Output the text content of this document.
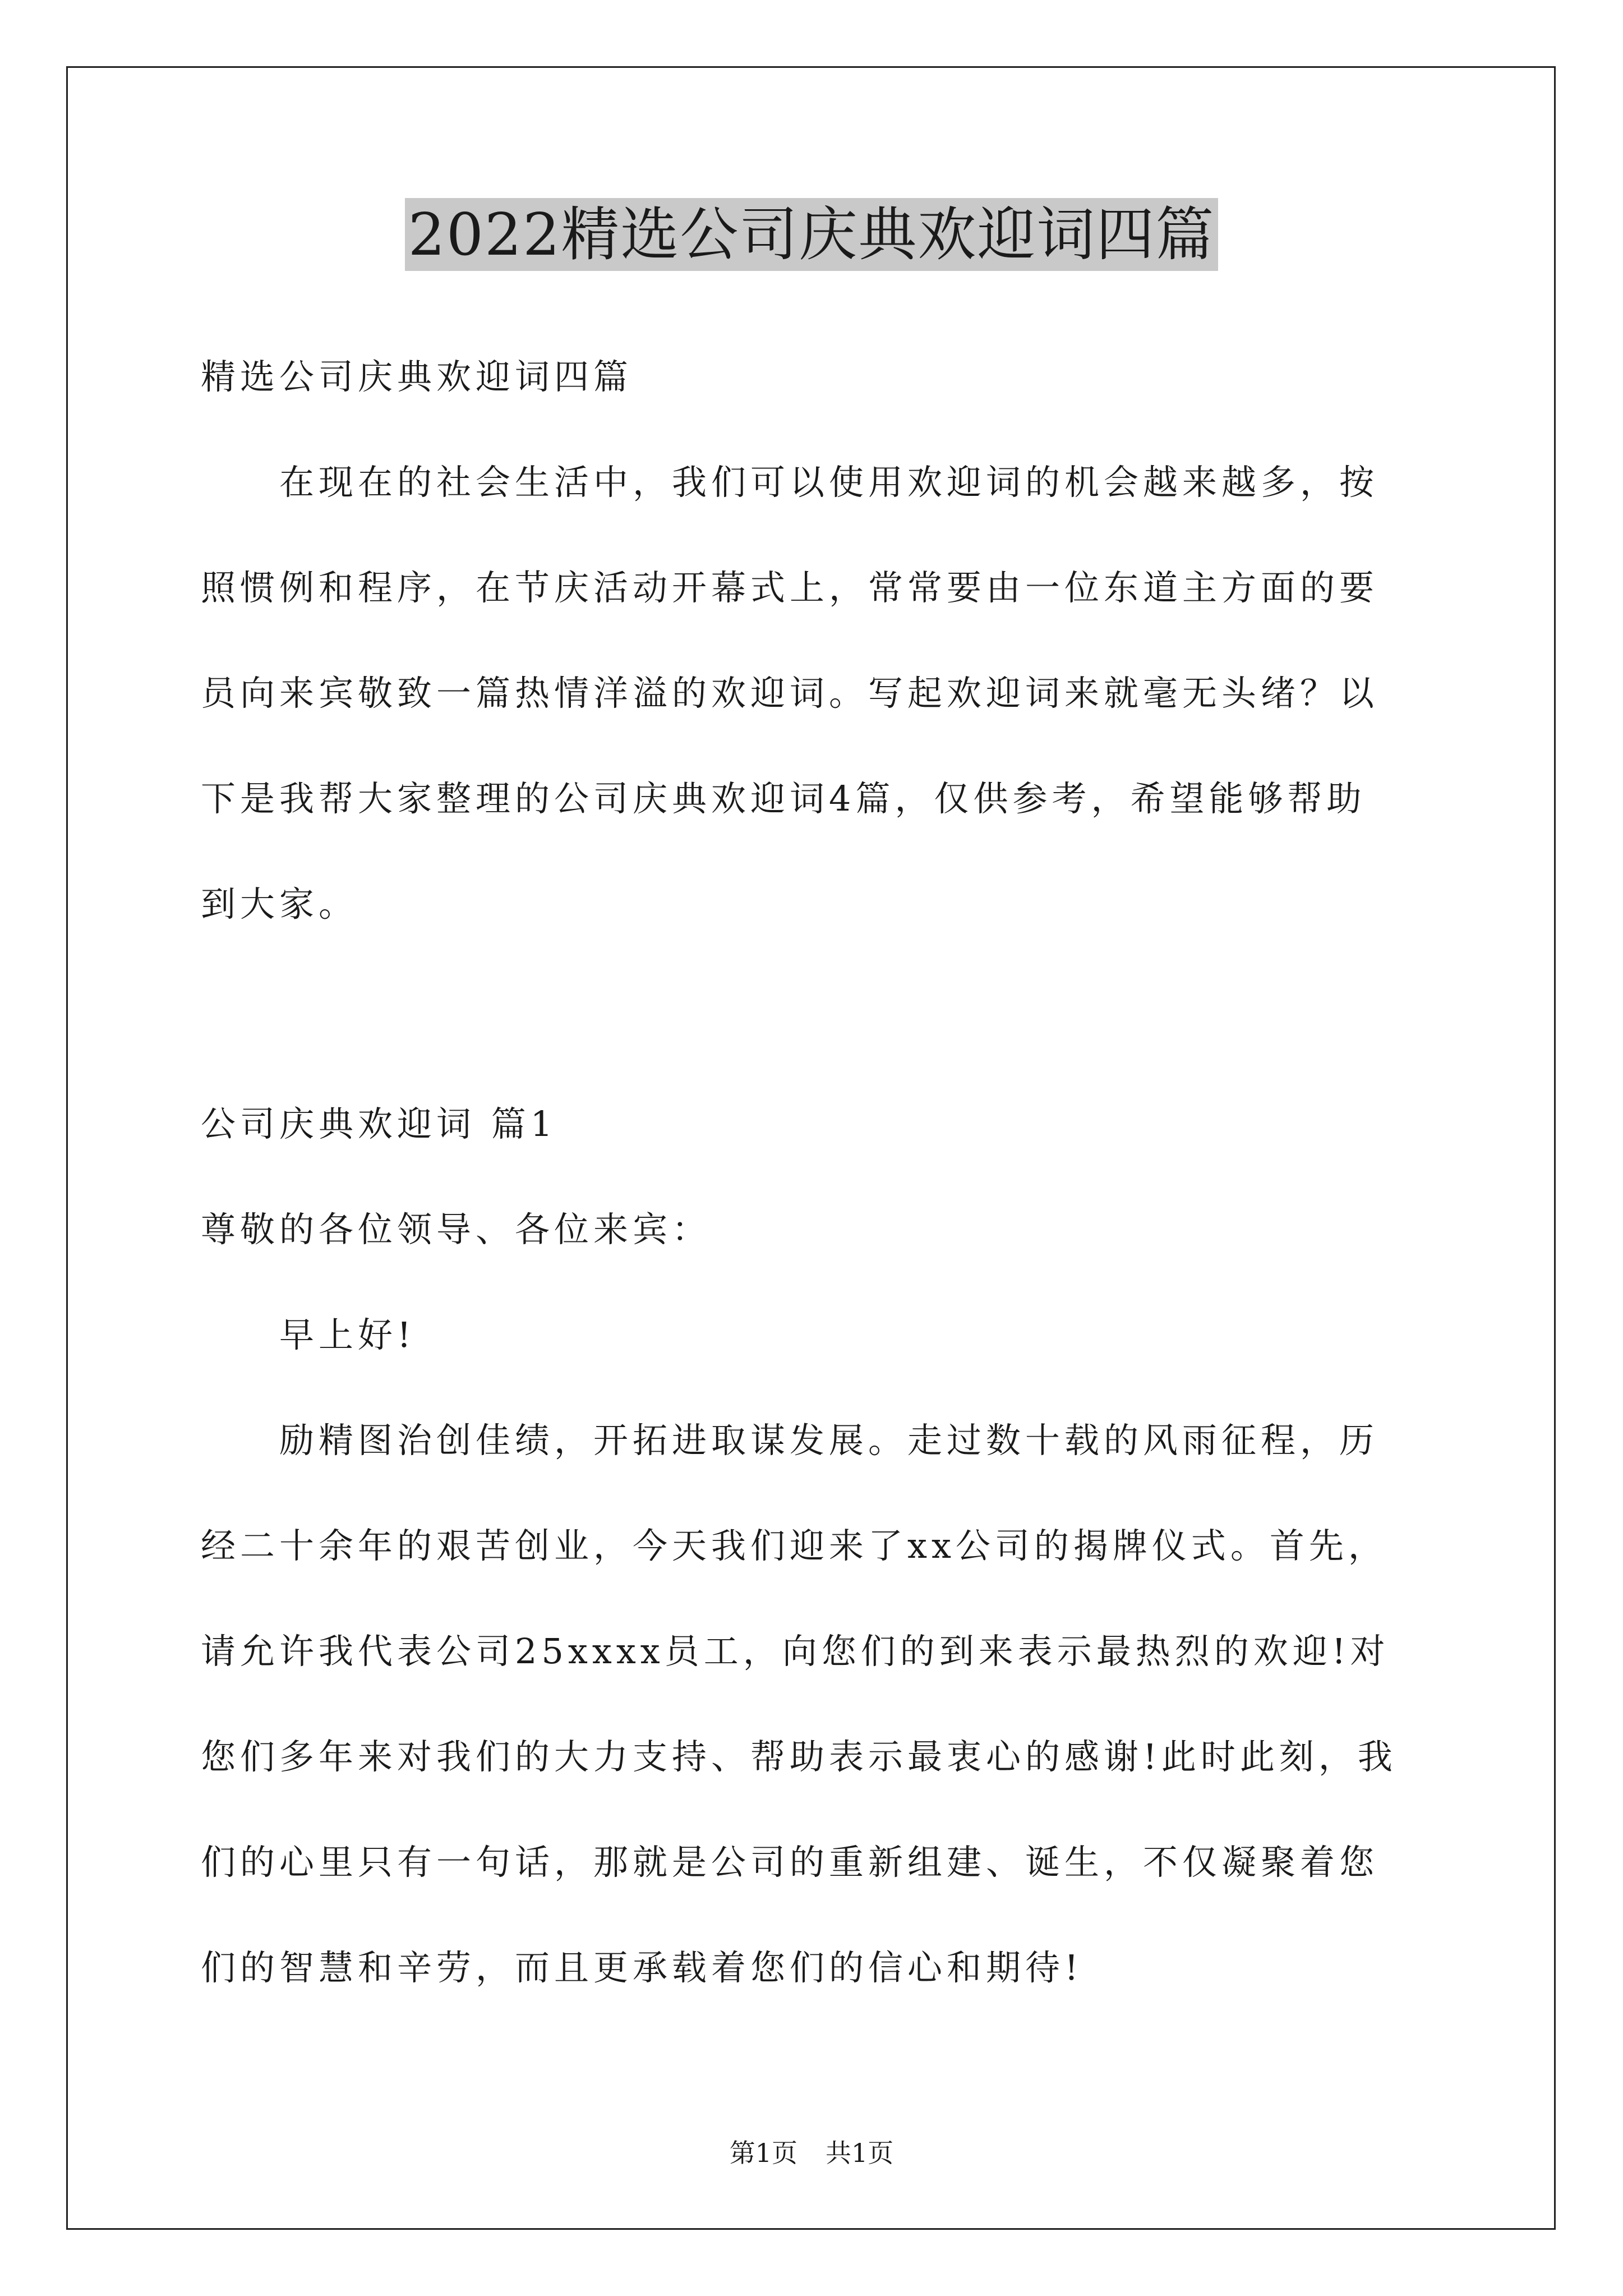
2022精选公司庆典欢迎词四篇
精选公司庆典欢迎词四篇
　　在现在的社会生活中，我们可以使用欢迎词的机会越来越多，按
照惯例和程序，在节庆活动开幕式上，常常要由一位东道主方面的要
员向来宾敬致一篇热情洋溢的欢迎词。写起欢迎词来就毫无头绪？以
下是我帮大家整理的公司庆典欢迎词4篇，仅供参考，希望能够帮助
到大家。
公司庆典欢迎词 篇1
尊敬的各位领导、各位来宾：
　　早上好!
　　励精图治创佳绩，开拓进取谋发展。走过数十载的风雨征程，历
经二十余年的艰苦创业，今天我们迎来了xx公司的揭牌仪式。首先，
请允许我代表公司25xxxx员工，向您们的到来表示最热烈的欢迎!对
您们多年来对我们的大力支持、帮助表示最衷心的感谢!此时此刻，我
们的心里只有一句话，那就是公司的重新组建、诞生，不仅凝聚着您
们的智慧和辛劳，而且更承载着您们的信心和期待!
第1页 共1页
